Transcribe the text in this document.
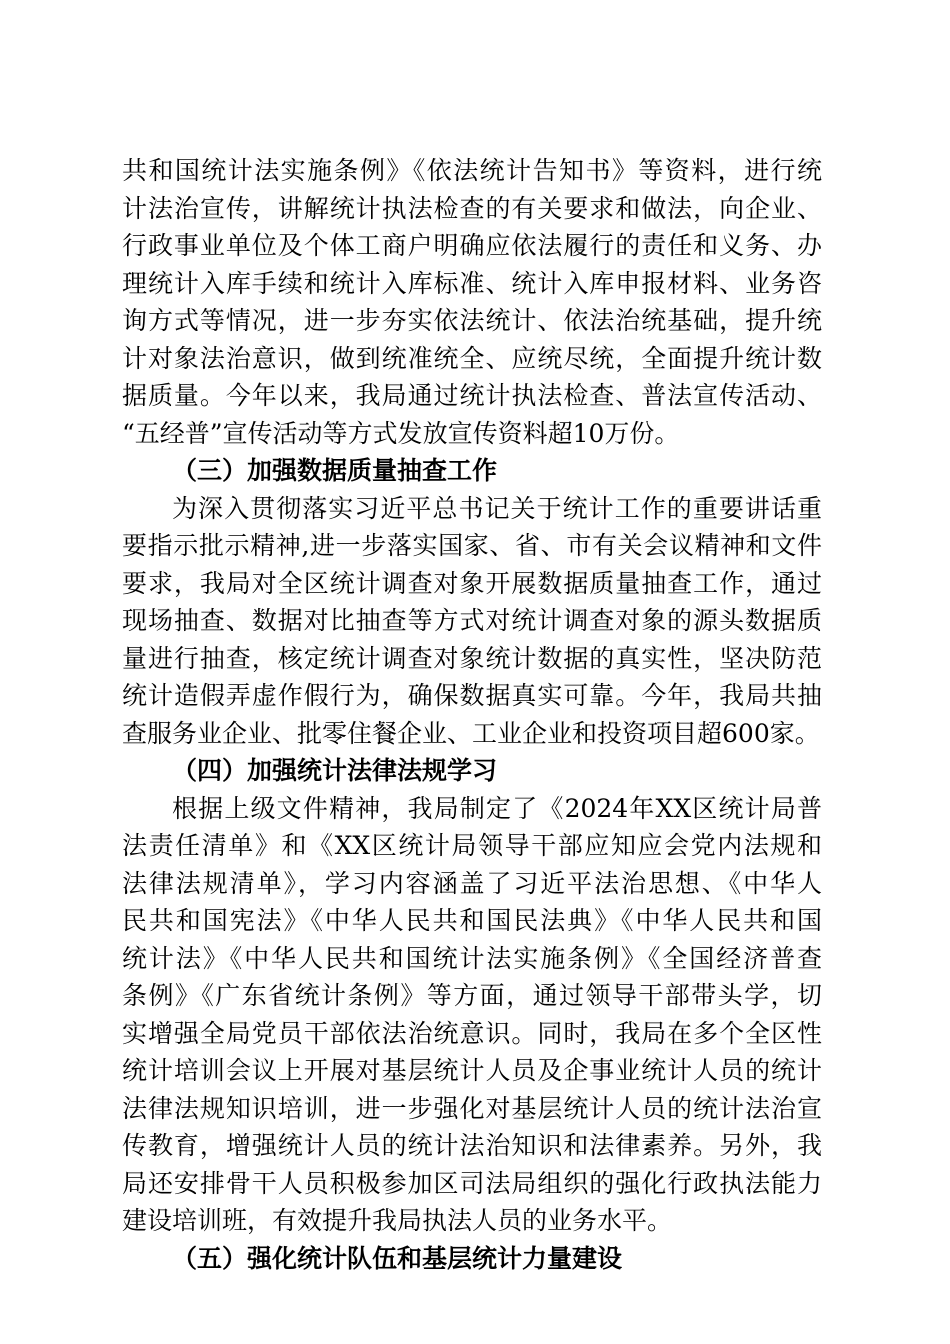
共和国统计法实施条例》《依法统计告知书》等资料，进行统
计法治宣传，讲解统计执法检查的有关要求和做法，向企业、
行政事业单位及个体工商户明确应依法履行的责任和义务、办
理统计入库手续和统计入库标准、统计入库申报材料、业务咨
询方式等情况，进一步夯实依法统计、依法治统基础，提升统
计对象法治意识，做到统准统全、应统尽统，全面提升统计数
据质量。今年以来，我局通过统计执法检查、普法宣传活动、
“五经普”宣传活动等方式发放宣传资料超10万份。
（三）加强数据质量抽查工作
为深入贯彻落实习近平总书记关于统计工作的重要讲话重
要指示批示精神,进一步落实国家、省、市有关会议精神和文件
要求，我局对全区统计调查对象开展数据质量抽查工作，通过
现场抽查、数据对比抽查等方式对统计调查对象的源头数据质
量进行抽查，核定统计调查对象统计数据的真实性，坚决防范
统计造假弄虚作假行为，确保数据真实可靠。今年，我局共抽
查服务业企业、批零住餐企业、工业企业和投资项目超600家。
（四）加强统计法律法规学习
根据上级文件精神，我局制定了《2024年XX区统计局普
法责任清单》和《XX区统计局领导干部应知应会党内法规和
法律法规清单》，学习内容涵盖了习近平法治思想、《中华人
民共和国宪法》《中华人民共和国民法典》《中华人民共和国
统计法》《中华人民共和国统计法实施条例》《全国经济普查
条例》《广东省统计条例》等方面，通过领导干部带头学，切
实增强全局党员干部依法治统意识。同时，我局在多个全区性
统计培训会议上开展对基层统计人员及企事业统计人员的统计
法律法规知识培训，进一步强化对基层统计人员的统计法治宣
传教育，增强统计人员的统计法治知识和法律素养。另外，我
局还安排骨干人员积极参加区司法局组织的强化行政执法能力
建设培训班，有效提升我局执法人员的业务水平。
（五）强化统计队伍和基层统计力量建设
